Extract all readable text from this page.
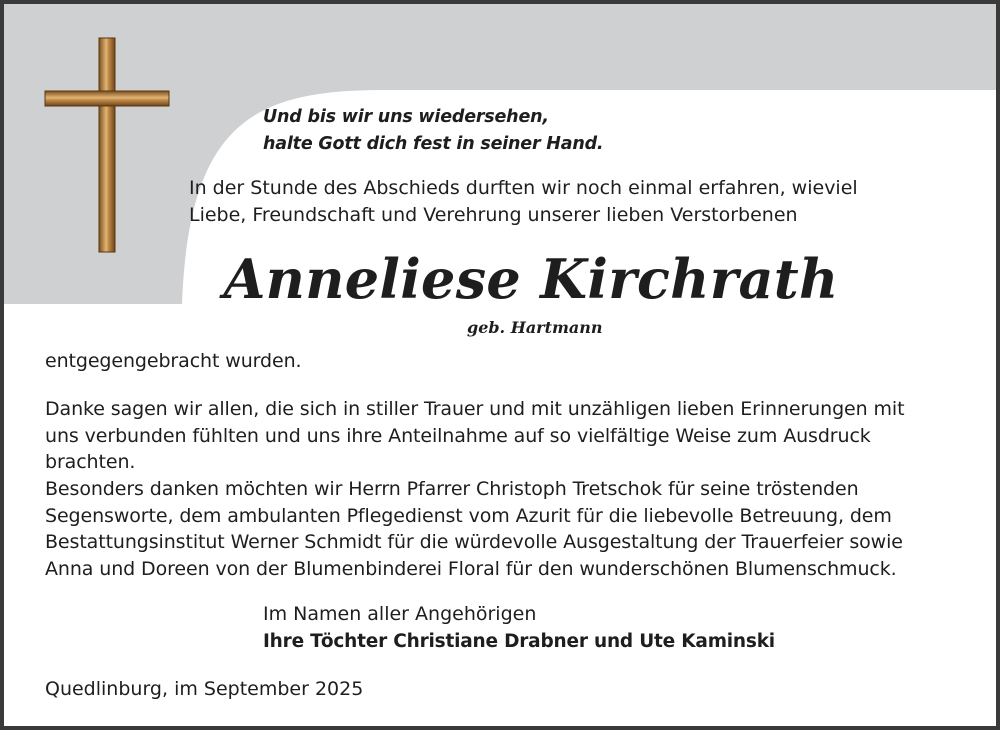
Und bis wir uns wiedersehen,
halte Gott dich fest in seiner Hand.

In der Stunde des Abschieds durften wir noch einmal erfahren, wieviel
Liebe, Freundschaft und Verehrung unserer lieben Verstorbenen

Anneliese Kirchrath

geb. Hartmann

entgegengebracht wurden.

Danke sagen wir allen, die sich in stiller Trauer und mit unzähligen lieben Erinnerungen mit
uns verbunden fühlten und uns ihre Anteilnahme auf so vielfältige Weise zum Ausdruck
brachten.

Besonders danken möchten wir Herrn Pfarrer Christoph Tretschok für seine tröstenden
Segensworte, dem ambulanten Pflegedienst vom Azurit für die liebevolle Betreuung, dem
Bestattungsinstitut Werner Schmidt für die würdevolle Ausgestaltung der Trauerfeier sowie
Anna und Doreen von der Blumenbinderei Floral für den wunderschönen Blumenschmuck.

Im Namen aller Angehörigen

Ihre Töchter Christiane Drabner und Ute Kaminski

Quedlinburg, im September 2025
